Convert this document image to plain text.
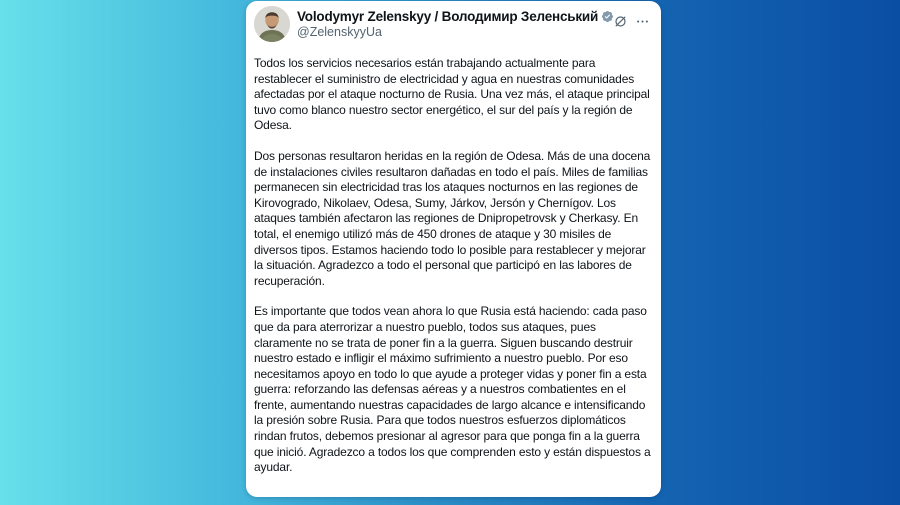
Volodymyr Zelenskyy / Володимир Зеленський
@ZelenskyyUa

Todos los servicios necesarios están trabajando actualmente para restablecer el suministro de electricidad y agua en nuestras comunidades afectadas por el ataque nocturno de Rusia. Una vez más, el ataque principal tuvo como blanco nuestro sector energético, el sur del país y la región de Odesa.

Dos personas resultaron heridas en la región de Odesa. Más de una docena de instalaciones civiles resultaron dañadas en todo el país. Miles de familias permanecen sin electricidad tras los ataques nocturnos en las regiones de Kirovogrado, Nikolaev, Odesa, Sumy, Járkov, Jersón y Chernígov. Los ataques también afectaron las regiones de Dnipropetrovsk y Cherkasy. En total, el enemigo utilizó más de 450 drones de ataque y 30 misiles de diversos tipos. Estamos haciendo todo lo posible para restablecer y mejorar la situación. Agradezco a todo el personal que participó en las labores de recuperación.

Es importante que todos vean ahora lo que Rusia está haciendo: cada paso que da para aterrorizar a nuestro pueblo, todos sus ataques, pues claramente no se trata de poner fin a la guerra. Siguen buscando destruir nuestro estado e infligir el máximo sufrimiento a nuestro pueblo. Por eso necesitamos apoyo en todo lo que ayude a proteger vidas y poner fin a esta guerra: reforzando las defensas aéreas y a nuestros combatientes en el frente, aumentando nuestras capacidades de largo alcance e intensificando la presión sobre Rusia. Para que todos nuestros esfuerzos diplomáticos rindan frutos, debemos presionar al agresor para que ponga fin a la guerra que inició. Agradezco a todos los que comprenden esto y están dispuestos a ayudar.
